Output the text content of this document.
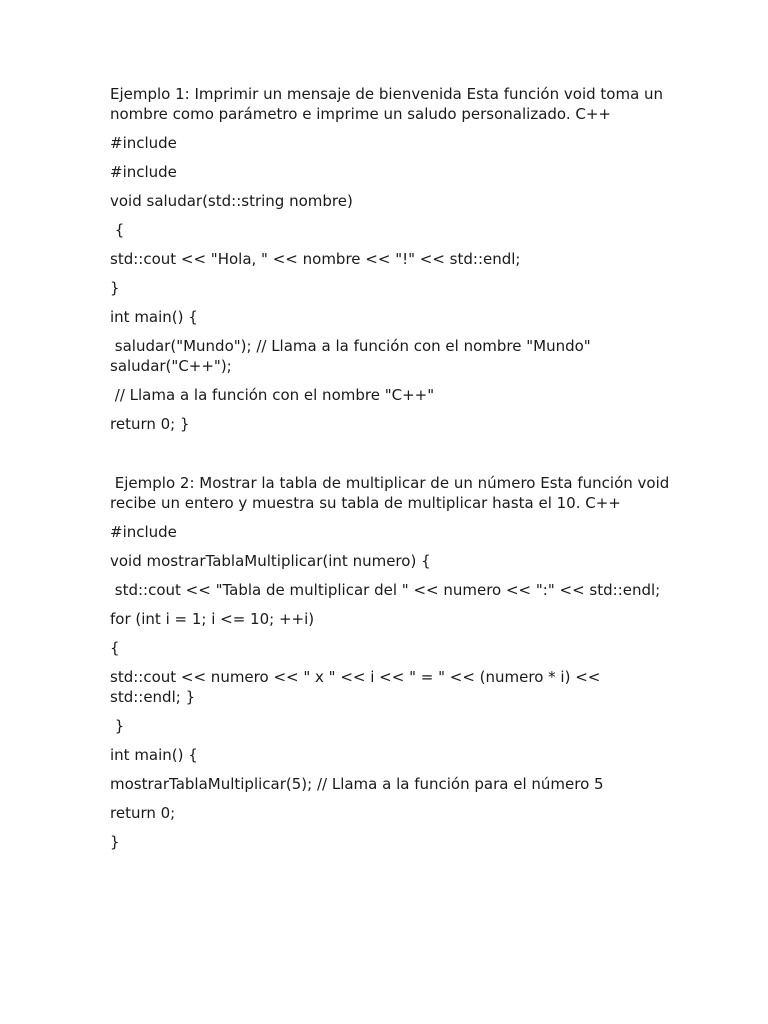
Ejemplo 1: Imprimir un mensaje de bienvenida Esta función void toma un nombre como parámetro e imprime un saludo personalizado. C++

#include

#include

void saludar(std::string nombre)

{

std::cout << "Hola, " << nombre << "!" << std::endl;

}

int main() {

saludar("Mundo"); // Llama a la función con el nombre "Mundo" saludar("C++");

// Llama a la función con el nombre "C++"

return 0; }

Ejemplo 2: Mostrar la tabla de multiplicar de un número Esta función void recibe un entero y muestra su tabla de multiplicar hasta el 10. C++

#include

void mostrarTablaMultiplicar(int numero) {

std::cout << "Tabla de multiplicar del " << numero << ":" << std::endl;

for (int i = 1; i <= 10; ++i)

{

std::cout << numero << " x " << i << " = " << (numero * i) << std::endl; }

}

int main() {

mostrarTablaMultiplicar(5); // Llama a la función para el número 5

return 0;

}
